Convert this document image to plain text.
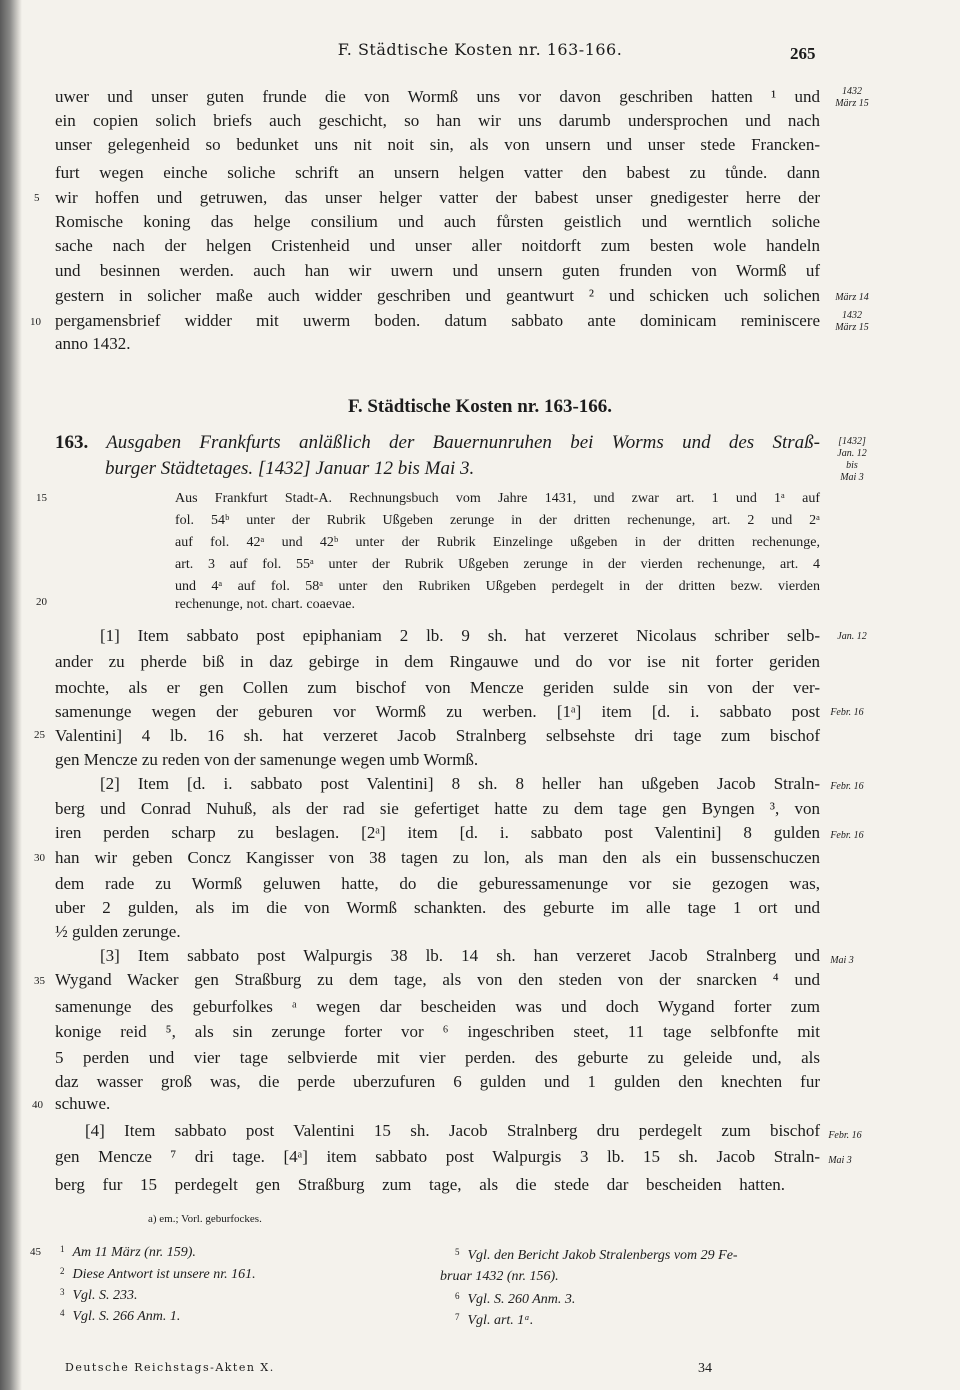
F. Städtische Kosten nr. 163-166.	265
uwer und unser guten frunde die von Wormß uns vor davon geschriben hatten ¹ und
ein copien solich briefs auch geschicht, so han wir uns darumb undersprochen und nach
unser gelegenheid so bedunket uns nit noit sin, als von unsern und unser stede Francken-
furt wegen einche soliche schrift an unsern helgen vatter den babest zu tůnde. dann
wir hoffen und getruwen, das unser helger vatter der babest unser gnedigester herre der
Romische koning das helge consilium und auch fůrsten geistlich und werntlich soliche
sache nach der helgen Cristenheid und unser aller noitdorft zum besten wole handeln
und besinnen werden. auch han wir uwern und unsern guten frunden von Wormß uf
gestern in solicher maße auch widder geschriben und geantwurt ² und schicken uch solichen
pergamensbrief widder mit uwerm boden. datum sabbato ante dominicam reminiscere
anno 1432.
1432
März 15
März 14
1432
März 15
5
10
15
20
25
30
35
40
45
F. Städtische Kosten nr. 163-166.
163. Ausgaben Frankfurts anläßlich der Bauernunruhen bei Worms und des Straß-
burger Städtetages. [1432] Januar 12 bis Mai 3.
[1432]
Jan. 12
bis
Mai 3
Aus Frankfurt Stadt-A. Rechnungsbuch vom Jahre 1431, und zwar art. 1 und 1ᵃ auf
fol. 54ᵇ unter der Rubrik Ußgeben zerunge in der dritten rechenunge, art. 2 und 2ᵃ
auf fol. 42ᵃ und 42ᵇ unter der Rubrik Einzelinge ußgeben in der dritten rechenunge,
art. 3 auf fol. 55ᵃ unter der Rubrik Ußgeben zerunge in der vierden rechenunge, art. 4
und 4ᵃ auf fol. 58ᵃ unter den Rubriken Ußgeben perdegelt in der dritten bezw. vierden
rechenunge, not. chart. coaevae.
[1] Item sabbato post epiphaniam 2 lb. 9 sh. hat verzeret Nicolaus schriber selb-
ander zu pherde biß in daz gebirge in dem Ringauwe und do vor ise nit forter geriden
mochte, als er gen Collen zum bischof von Mencze geriden sulde sin von der ver-
samenunge wegen der geburen vor Wormß zu werben. [1ᵃ] item [d. i. sabbato post
Valentini] 4 lb. 16 sh. hat verzeret Jacob Stralnberg selbsehste dri tage zum bischof
gen Mencze zu reden von der samenunge wegen umb Wormß.
[2] Item [d. i. sabbato post Valentini] 8 sh. 8 heller han ußgeben Jacob Straln-
berg und Conrad Nuhuß, als der rad sie gefertiget hatte zu dem tage gen Byngen ³, von
iren perden scharp zu beslagen. [2ᵃ] item [d. i. sabbato post Valentini] 8 gulden
han wir geben Concz Kangisser von 38 tagen zu lon, als man den als ein bussenschuczen
dem rade zu Wormß geluwen hatte, do die geburessamenunge vor sie gezogen was,
uber 2 gulden, als im die von Wormß schankten. des geburte im alle tage 1 ort und
½ gulden zerunge.
[3] Item sabbato post Walpurgis 38 lb. 14 sh. han verzeret Jacob Stralnberg und
Wygand Wacker gen Straßburg zu dem tage, als von den steden von der snarcken ⁴ und
samenunge des geburfolkes ᵃ wegen dar bescheiden was und doch Wygand forter zum
konige reid ⁵, als sin zerunge forter vor ⁶ ingeschriben steet, 11 tage selbfonfte mit
5 perden und vier tage selbvierde mit vier perden. des geburte zu geleide und, als
daz wasser groß was, die perde uberzufuren 6 gulden und 1 gulden den knechten fur
schuwe.
[4] Item sabbato post Valentini 15 sh. Jacob Stralnberg dru perdegelt zum bischof
gen Mencze ⁷ dri tage. [4ᵃ] item sabbato post Walpurgis 3 lb. 15 sh. Jacob Straln-
berg fur 15 perdegelt gen Straßburg zum tage, als die stede dar bescheiden hatten.
Jan. 12
Febr. 16
Febr. 16
Febr. 16
Mai 3
Febr. 16
Mai 3
a) em.; Vorl. geburfockes.
$^1$ Am 11 März (nr. 159).
$^2$ Diese Antwort ist unsere nr. 161.
$^3$ Vgl. S. 233.
$^4$ Vgl. S. 266 Anm. 1.
$^5$ Vgl. den Bericht Jakob Stralenbergs vom 29 Fe-
bruar 1432 (nr. 156).
$^6$ Vgl. S. 260 Anm. 3.
$^7$ Vgl. art. 1ᵃ.
Deutsche Reichstags-Akten X.	34
